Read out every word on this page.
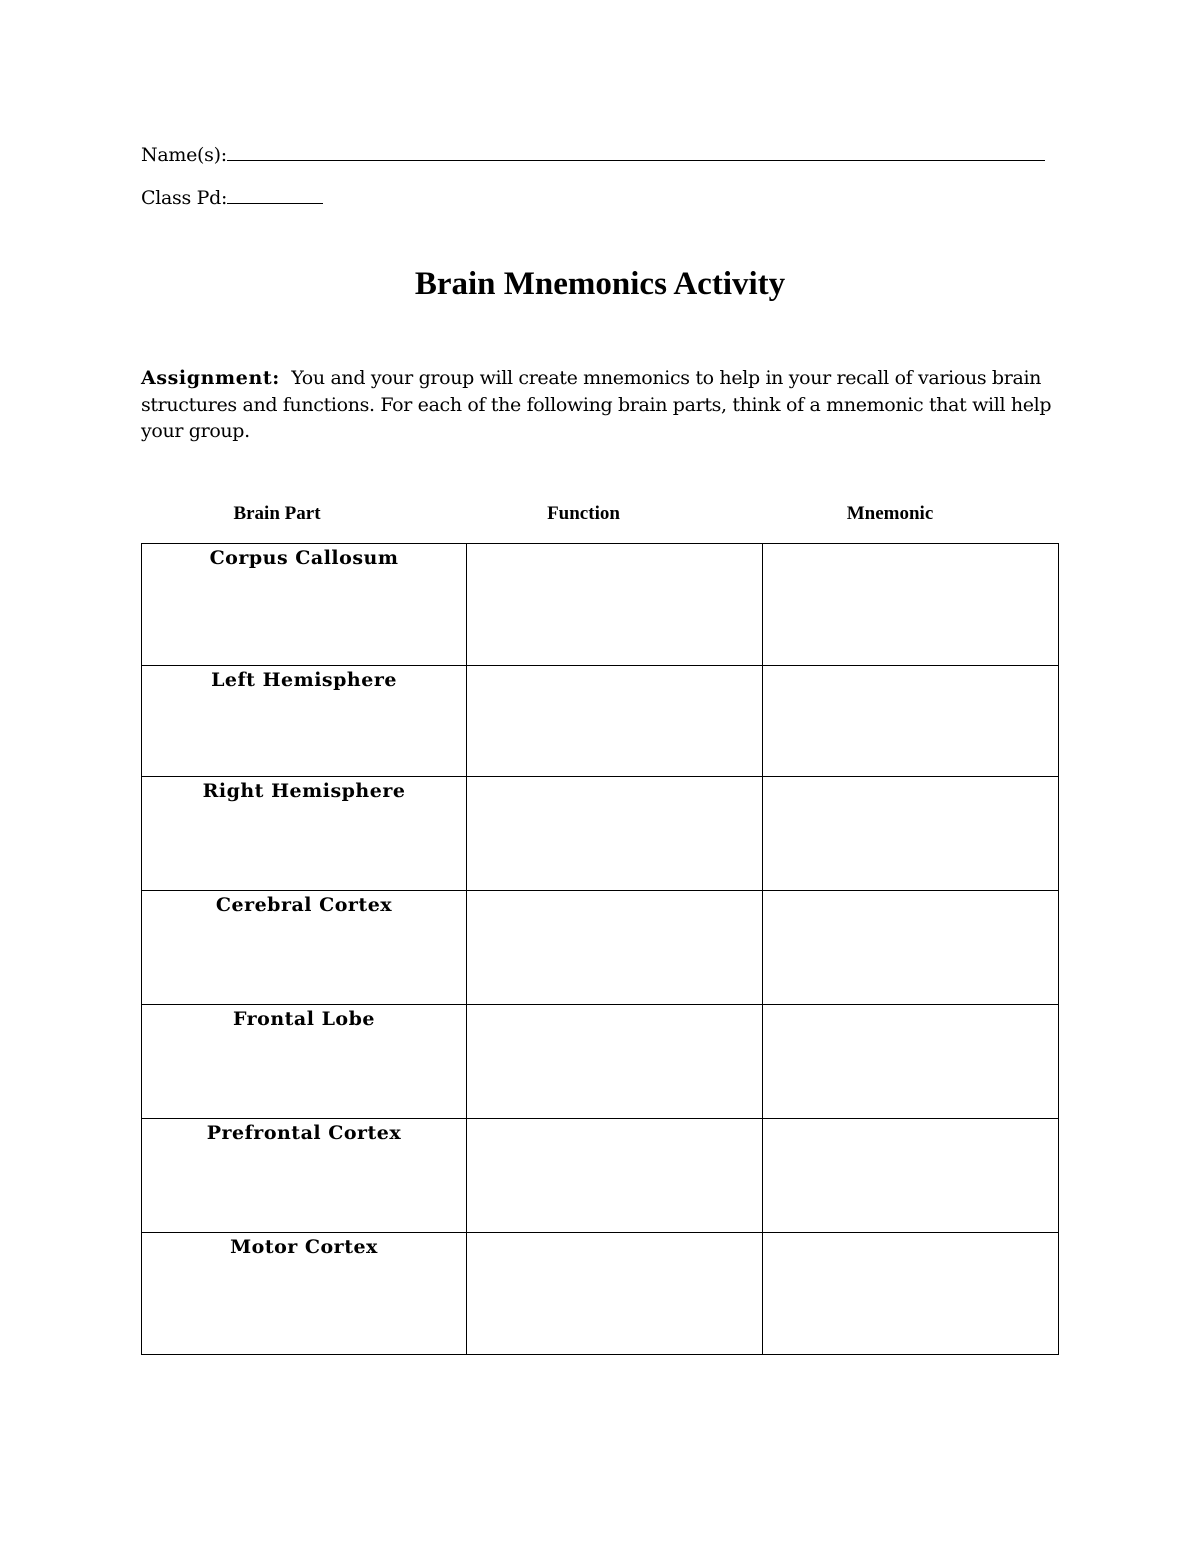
Name(s):
Class Pd:
Brain Mnemonics Activity
Assignment: You and your group will create mnemonics to help in your recall of various brain structures and functions. For each of the following brain parts, think of a mnemonic that will help your group.
Brain Part	Function	Mnemonic
Corpus Callosum		
Left Hemisphere		
Right Hemisphere		
Cerebral Cortex		
Frontal Lobe		
Prefrontal Cortex		
Motor Cortex		
